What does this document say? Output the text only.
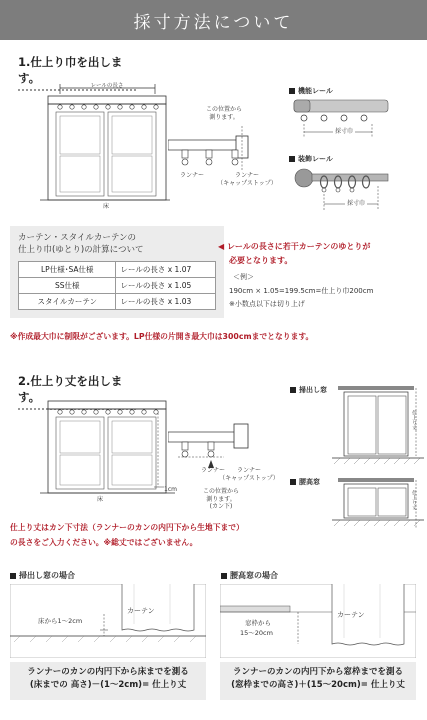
採寸方法について
1.仕上り巾を出します。
レールの長さ
床
この位置から
測ります。
ランナー	ランナー
（キャップストップ）
機能レール
採寸巾
装飾レール
採寸巾
カーテン・スタイルカーテンの
仕上り巾(ゆとり)の計算について
LP仕様･SA仕様	レールの長さ x 1.07
SS仕様	レールの長さ x 1.05
スタイルカーテン	レールの長さ x 1.03
◀ レールの長さに若干カーテンのゆとりが
必要となります。
＜例＞
190cm × 1.05=199.5cm=仕上り巾200cm
※小数点以下は切り上げ
※作成最大巾に制限がございます。LP仕様の片開き最大巾は300cmまでとなります。
2.仕上り丈を出します。
床
1cm
ランナー	ランナー
（キャップストップ）
この位置から
測ります。
(カン下)
掃出し窓
仕上り丈
腰高窓
仕上り丈
仕上り丈はカン下寸法（ランナーのカンの内円下から生地下まで）
の長さをご入力ください。※総丈ではございません。
掃出し窓の場合
カーテン
床から1～2cm
ランナーのカンの内円下から床までを測る
(床までの 高さ)－(1～2cm)= 仕上り丈
腰高窓の場合
カーテン
窓枠から
15～20cm
ランナーのカンの内円下から窓枠までを測る
(窓枠までの高さ)＋(15～20cm)= 仕上り丈
